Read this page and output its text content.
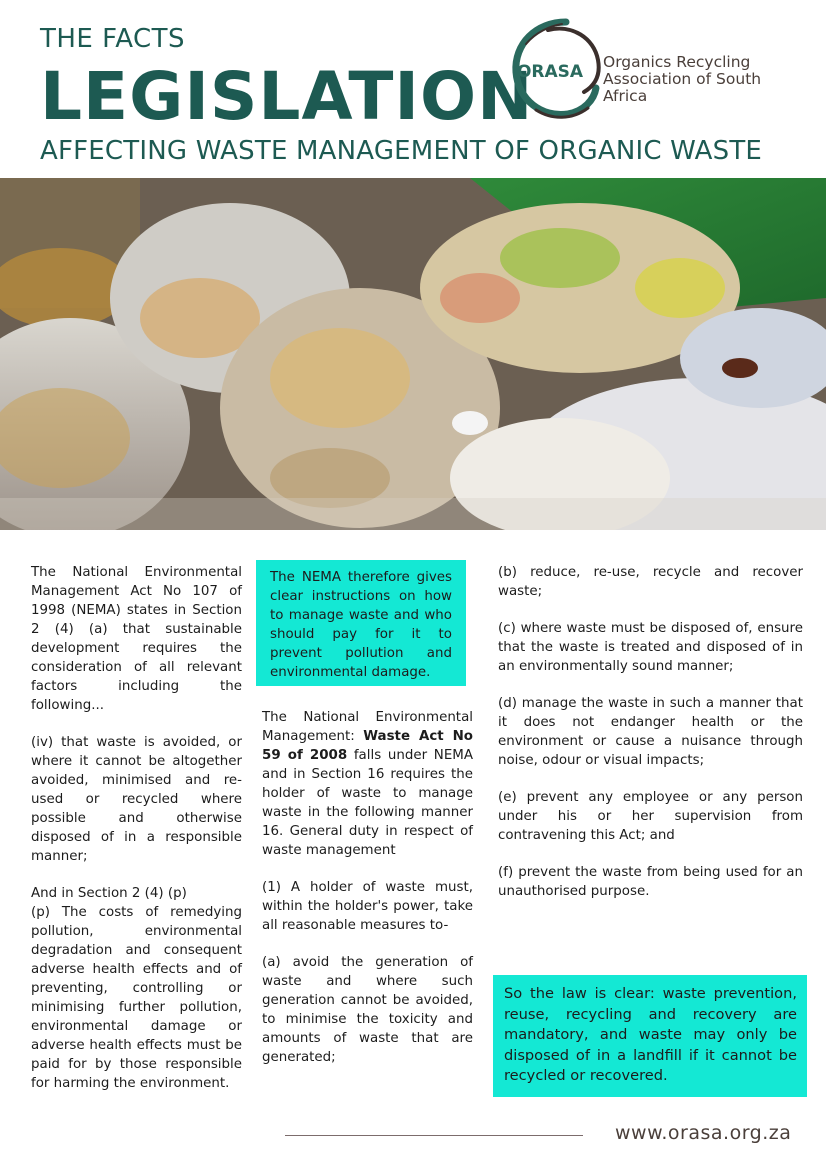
THE FACTS
LEGISLATION
AFFECTING WASTE MANAGEMENT OF ORGANIC WASTE
ORASA Organics Recycling
Association of South Africa

The National Environmental Management Act No 107 of 1998 (NEMA) states in Section 2 (4) (a) that sustainable development requires the consideration of all relevant factors including the following...

(iv) that waste is avoided, or where it cannot be altogether avoided, minimised and re-used or recycled where possible and otherwise disposed of in a responsible manner;

And in Section 2 (4) (p)
(p) The costs of remedying pollution, environmental degradation and consequent adverse health effects and of preventing, controlling or minimising further pollution, environmental damage or adverse health effects must be paid for by those responsible for harming the environment.

The NEMA therefore gives clear instructions on how to manage waste and who should pay for it to prevent pollution and environmental damage.

The National Environmental Management: Waste Act No 59 of 2008 falls under NEMA and in Section 16 requires the holder of waste to manage waste in the following manner 16. General duty in respect of waste management

(1) A holder of waste must, within the holder's power, take all reasonable measures to-

(a) avoid the generation of waste and where such generation cannot be avoided, to minimise the toxicity and amounts of waste that are generated;

(b) reduce, re-use, recycle and recover waste;

(c) where waste must be disposed of, ensure that the waste is treated and disposed of in an environmentally sound manner;

(d) manage the waste in such a manner that it does not endanger health or the environment or cause a nuisance through noise, odour or visual impacts;

(e) prevent any employee or any person under his or her supervision from contravening this Act; and

(f) prevent the waste from being used for an unauthorised purpose.

So the law is clear: waste prevention, reuse, recycling and recovery are mandatory, and waste may only be disposed of in a landfill if it cannot be recycled or recovered.
www.orasa.org.za
